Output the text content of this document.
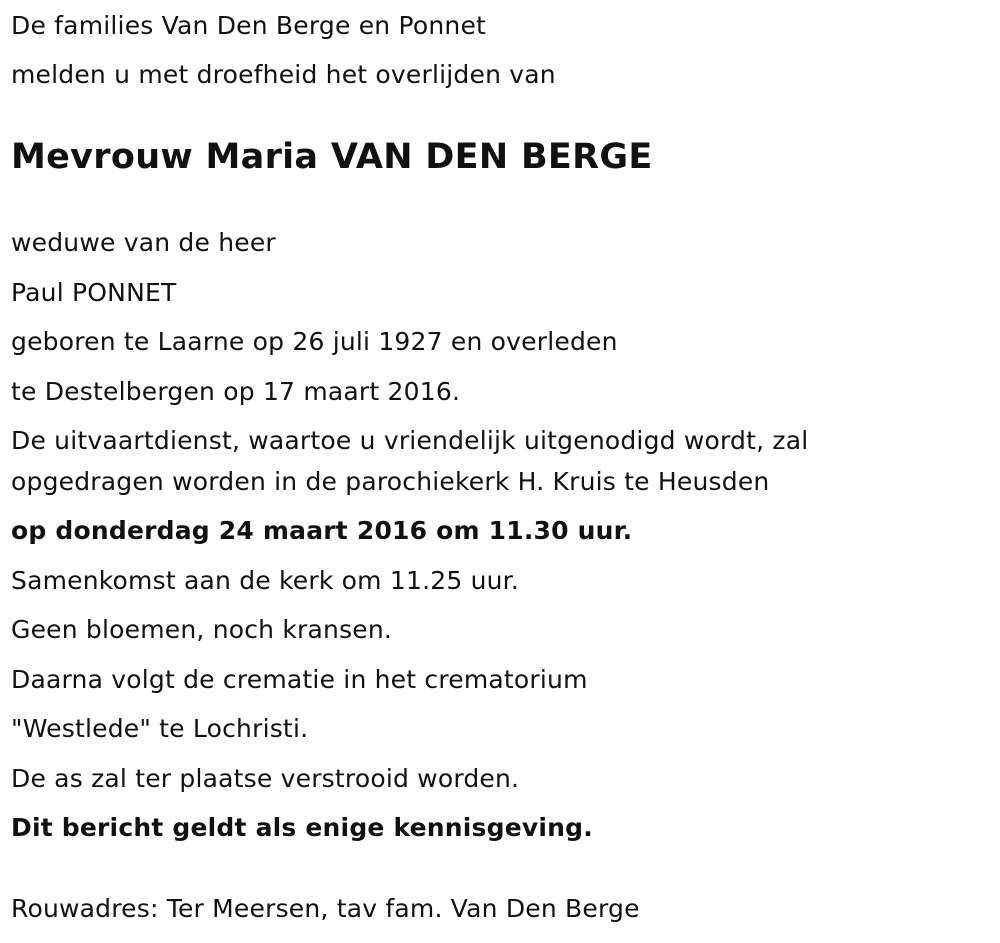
De families Van Den Berge en Ponnet
melden u met droefheid het overlijden van
Mevrouw Maria VAN DEN BERGE
weduwe van de heer
Paul PONNET
geboren te Laarne op 26 juli 1927 en overleden
te Destelbergen op 17 maart 2016.
De uitvaartdienst, waartoe u vriendelijk uitgenodigd wordt, zal
opgedragen worden in de parochiekerk H. Kruis te Heusden
op donderdag 24 maart 2016 om 11.30 uur.
Samenkomst aan de kerk om 11.25 uur.
Geen bloemen, noch kransen.
Daarna volgt de crematie in het crematorium
"Westlede" te Lochristi.
De as zal ter plaatse verstrooid worden.
Dit bericht geldt als enige kennisgeving.
Rouwadres: Ter Meersen, tav fam. Van Den Berge
